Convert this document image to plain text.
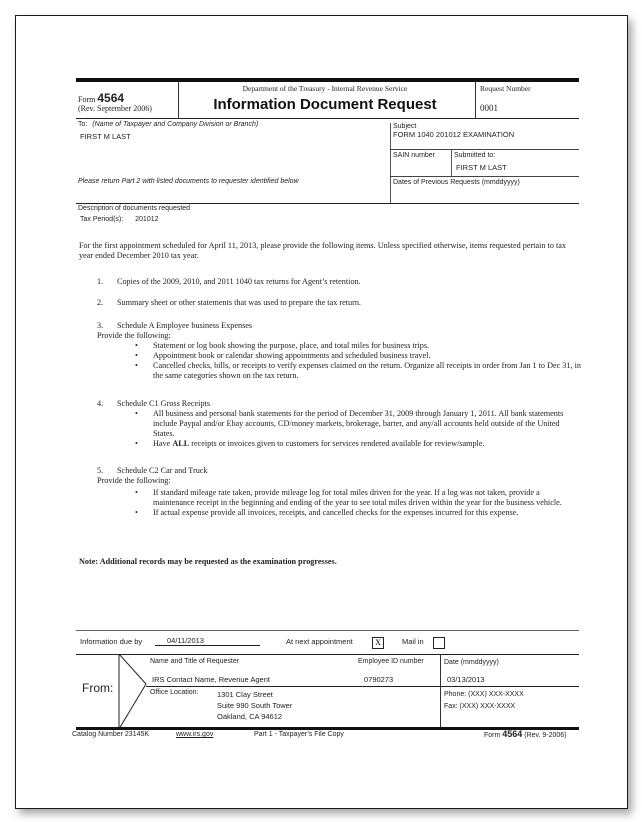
Form 4564
(Rev. September 2006)
Department of the Treasury - Internal Revenue Service
Information Document Request
Request Number
0001
To: (Name of Taxpayer and Company Division or Branch)
FIRST M LAST
Please return Part 2 with listed documents to requester identified below
Subject
FORM 1040 201012 EXAMINATION
SAIN number	Submitted to:
FIRST M LAST
Dates of Previous Requests (mmddyyyy)
Description of documents requested
Tax Period(s): 201012
For the first appointment scheduled for April 11, 2013, please provide the following items. Unless specified otherwise, items requested pertain to tax year ended December 2010 tax year.
1. Copies of the 2009, 2010, and 2011 1040 tax returns for Agent’s retention.
2. Summary sheet or other statements that was used to prepare the tax return.
3. Schedule A Employee business Expenses
Provide the following:
• Statement or log book showing the purpose, place, and total miles for business trips.
• Appointment book or calendar showing appointments and scheduled business travel.
• Cancelled checks, bills, or receipts to verify expenses claimed on the return. Organize all receipts in order from Jan 1 to Dec 31, in the same categories shown on the tax return.
4. Schedule C1 Gross Receipts
• All business and personal bank statements for the period of December 31, 2009 through January 1, 2011. All bank statements include Paypal and/or Ebay accounts, CD/money markets, brokerage, barter, and any/all accounts held outside of the United States.
• Have ALL receipts or invoices given to customers for services rendered available for review/sample.
5. Schedule C2 Car and Truck
Provide the following:
• If standard mileage rate taken, provide mileage log for total miles driven for the year. If a log was not taken, provide a maintenance receipt in the beginning and ending of the year to see total miles driven within the year for the business vehicle.
• If actual expense provide all invoices, receipts, and cancelled checks for the expenses incurred for this expense.
Note: Additional records may be requested as the examination progresses.
Information due by	04/11/2013	At next appointment	X	Mail in
From:
Name and Title of Requester
IRS Contact Name, Revenue Agent
Employee ID number
0790273
Date (mmddyyyy)
03/13/2013
Office Location: 1301 Clay Street
Suite 990 South Tower
Oakland, CA 94612
Phone: (XXX) XXX-XXXX
Fax: (XXX) XXX-XXXX
Catalog Number 23145K	www.irs.gov	Part 1 - Taxpayer’s File Copy	Form 4564 (Rev. 9-2006)
